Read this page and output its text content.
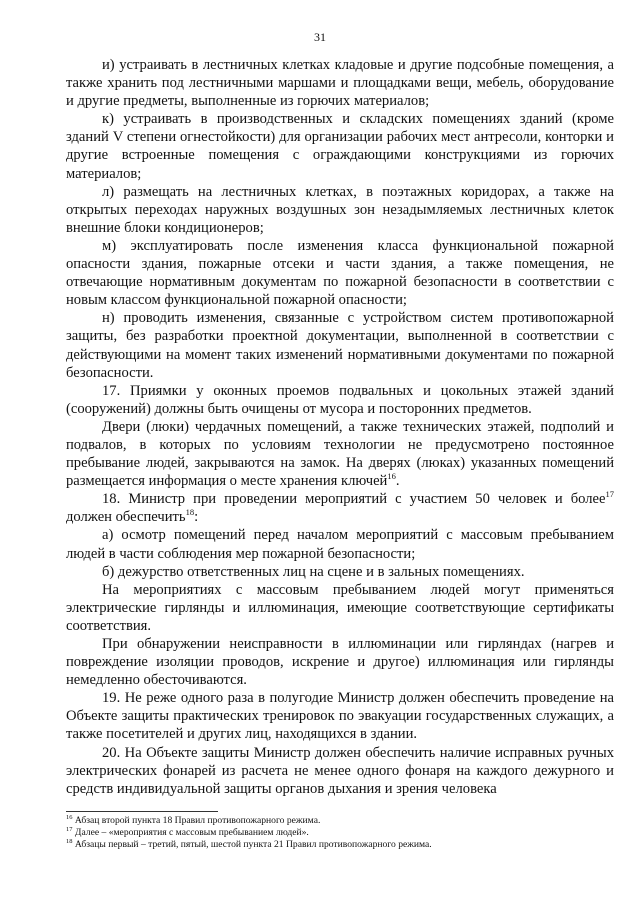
31

и) устраивать в лестничных клетках кладовые и другие подсобные помещения, а также хранить под лестничными маршами и площадками вещи, мебель, оборудование и другие предметы, выполненные из горючих материалов;

к) устраивать в производственных и складских помещениях зданий (кроме зданий V степени огнестойкости) для организации рабочих мест антресоли, конторки и другие встроенные помещения с ограждающими конструкциями из горючих материалов;

л) размещать на лестничных клетках, в поэтажных коридорах, а также на открытых переходах наружных воздушных зон незадымляемых лестничных клеток внешние блоки кондиционеров;

м) эксплуатировать после изменения класса функциональной пожарной опасности здания, пожарные отсеки и части здания, а также помещения, не отвечающие нормативным документам по пожарной безопасности в соответствии с новым классом функциональной пожарной опасности;

н) проводить изменения, связанные с устройством систем противопожарной защиты, без разработки проектной документации, выполненной в соответствии с действующими на момент таких изменений нормативными документами по пожарной безопасности.

17. Приямки у оконных проемов подвальных и цокольных этажей зданий (сооружений) должны быть очищены от мусора и посторонних предметов.

Двери (люки) чердачных помещений, а также технических этажей, подполий и подвалов, в которых по условиям технологии не предусмотрено постоянное пребывание людей, закрываются на замок. На дверях (люках) указанных помещений размещается информация о месте хранения ключей$^{16}$.

18. Министр при проведении мероприятий с участием 50 человек и более$^{17}$ должен обеспечить$^{18}$:

а) осмотр помещений перед началом мероприятий с массовым пребыванием людей в части соблюдения мер пожарной безопасности;

б) дежурство ответственных лиц на сцене и в зальных помещениях.

На мероприятиях с массовым пребыванием людей могут применяться электрические гирлянды и иллюминация, имеющие соответствующие сертификаты соответствия.

При обнаружении неисправности в иллюминации или гирляндах (нагрев и повреждение изоляции проводов, искрение и другое) иллюминация или гирлянды немедленно обесточиваются.

19. Не реже одного раза в полугодие Министр должен обеспечить проведение на Объекте защиты практических тренировок по эвакуации государственных служащих, а также посетителей и других лиц, находящихся в здании.

20. На Объекте защиты Министр должен обеспечить наличие исправных ручных электрических фонарей из расчета не менее одного фонаря на каждого дежурного и средств индивидуальной защиты органов дыхания и зрения человека

$^{16}$ Абзац второй пункта 18 Правил противопожарного режима.

$^{17}$ Далее – «мероприятия с массовым пребыванием людей».

$^{18}$ Абзацы первый – третий, пятый, шестой пункта 21 Правил противопожарного режима.
